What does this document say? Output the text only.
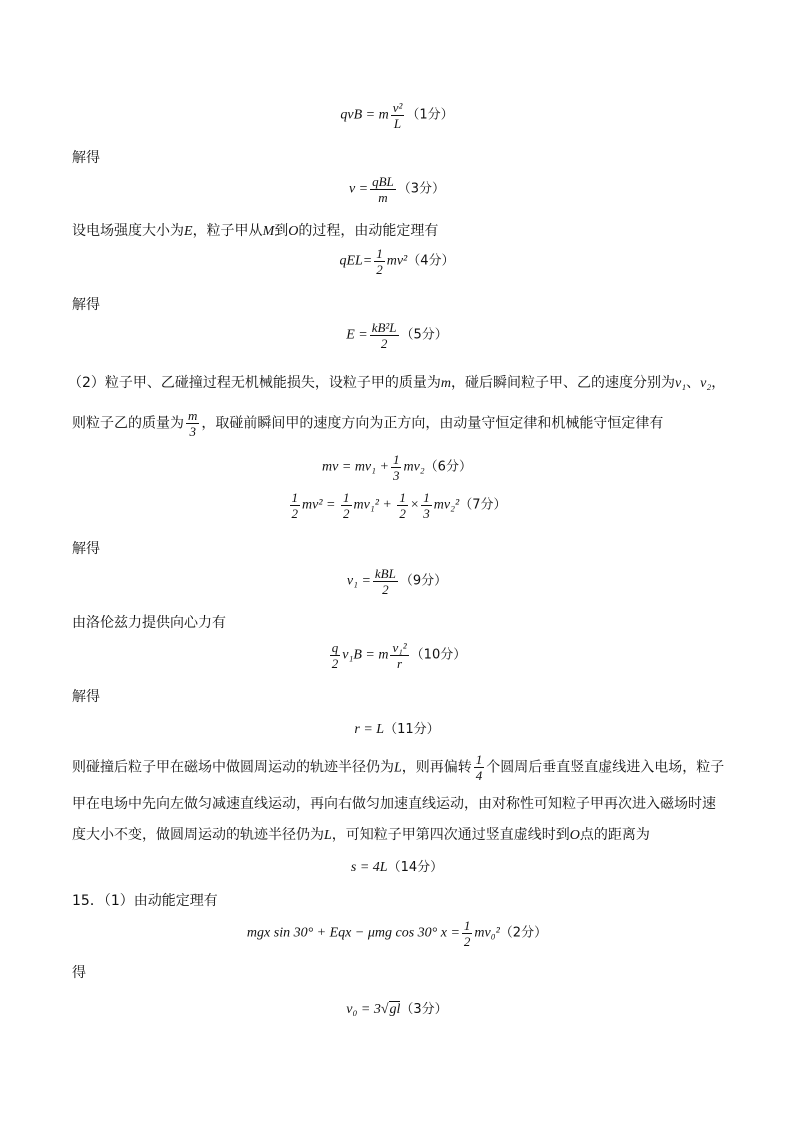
qvB = m $\frac{\text{v²}}{L} (1$分）
解得
$v = \frac{\text{qBL}}{m} (3$分）
设电场强度大小为E，粒子甲从M到O的过程，由动能定理有
$qEL= \frac{1}{2} mv^2(4$分）
解得
$E = \frac{\text{kB²L}}{2} (5$分）
（2）粒子甲、乙碰撞过程无机械能损失，设粒子甲的质量为m，碰后瞬间粒子甲、乙的速度分别为v₁、v₂，
则粒子乙的质量为 $\frac{m}{3}$ ，取碰前瞬间甲的速度方向为正方向，由动量守恒定律和机械能守恒定律有
mv = $mv_1 + \frac{1}{3} mv_2(6$分）
$\frac{1}{2} mv^2 = \frac{1}{2} mv_1^2 + \frac{1}{2} \times \frac{1}{3} mv_2^2(7$分）
解得
$v_1 = \frac{\text{kBL}}{2} (9$分）
由洛伦兹力提供向心力有
$\frac{q}{2} v_1B = m \frac{\text{v₁²}}{r} (10$分）
解得
r = L（11分）
则碰撞后粒子甲在磁场中做圆周运动的轨迹半径仍为L，则再偏转 $\frac{1}{4}$ 个圆周后垂直竖直虚线进入电场，粒子
甲在电场中先向左做匀减速直线运动，再向右做匀加速直线运动，由对称性可知粒子甲再次进入磁场时速
度大小不变，做圆周运动的轨迹半径仍为L，可知粒子甲第四次通过竖直虚线时到O点的距离为
s = 4L（14分）
15．（1）由动能定理有
mgx sin 30° + Eqx − μmg cos 30° $x = \frac{1}{2} mv_0^2(2$分）
得
v₀ = 3√gl（3分）
